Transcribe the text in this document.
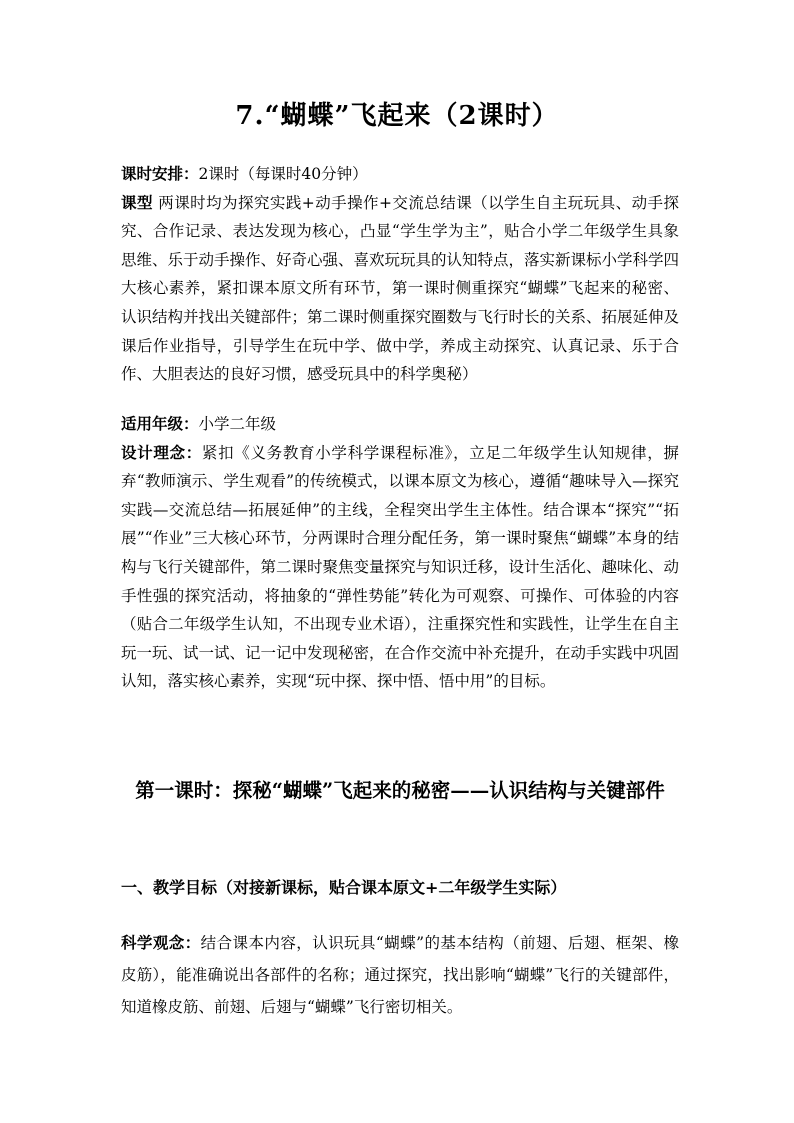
7.“蝴蝶”飞起来（2课时）
课时安排：2课时（每课时40分钟）
课型 两课时均为探究实践+动手操作+交流总结课（以学生自主玩玩具、动手探究、合作记录、表达发现为核心，凸显“学生学为主”，贴合小学二年级学生具象思维、乐于动手操作、好奇心强、喜欢玩玩具的认知特点，落实新课标小学科学四大核心素养，紧扣课本原文所有环节，第一课时侧重探究“蝴蝶”飞起来的秘密、认识结构并找出关键部件；第二课时侧重探究圈数与飞行时长的关系、拓展延伸及课后作业指导，引导学生在玩中学、做中学，养成主动探究、认真记录、乐于合作、大胆表达的良好习惯，感受玩具中的科学奥秘）
适用年级：小学二年级
设计理念：紧扣《义务教育小学科学课程标准》，立足二年级学生认知规律，摒弃“教师演示、学生观看”的传统模式，以课本原文为核心，遵循“趣味导入—探究实践—交流总结—拓展延伸”的主线，全程突出学生主体性。结合课本“探究”“拓展”“作业”三大核心环节，分两课时合理分配任务，第一课时聚焦“蝴蝶”本身的结构与飞行关键部件，第二课时聚焦变量探究与知识迁移，设计生活化、趣味化、动手性强的探究活动，将抽象的“弹性势能”转化为可观察、可操作、可体验的内容（贴合二年级学生认知，不出现专业术语），注重探究性和实践性，让学生在自主玩一玩、试一试、记一记中发现秘密，在合作交流中补充提升，在动手实践中巩固认知，落实核心素养，实现“玩中探、探中悟、悟中用”的目标。
第一课时：探秘“蝴蝶”飞起来的秘密——认识结构与关键部件
一、教学目标（对接新课标，贴合课本原文+二年级学生实际）
科学观念：结合课本内容，认识玩具“蝴蝶”的基本结构（前翅、后翅、框架、橡皮筋），能准确说出各部件的名称；通过探究，找出影响“蝴蝶”飞行的关键部件，知道橡皮筋、前翅、后翅与“蝴蝶”飞行密切相关。
